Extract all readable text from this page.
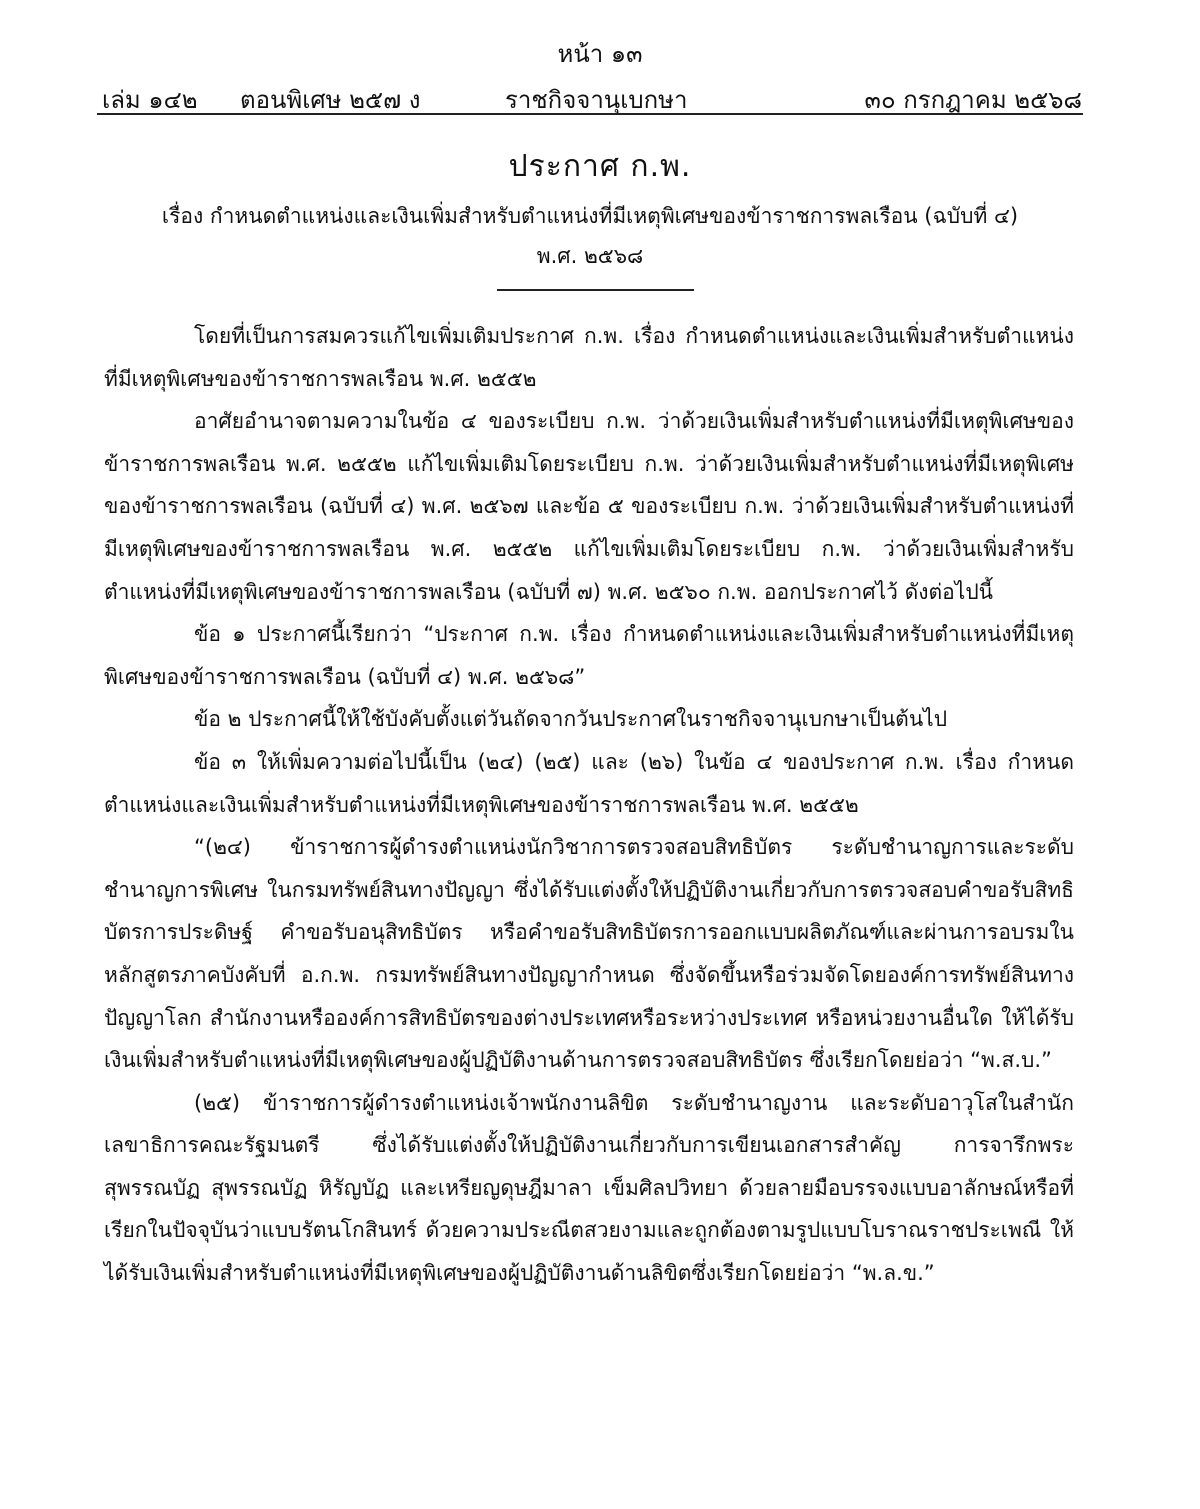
หน้า ๑๓
เล่ม ๑๔๒ ตอนพิเศษ ๒๕๗ ง	ราชกิจจานุเบกษา	๓๐ กรกฎาคม ๒๕๖๘
ประกาศ ก.พ.
เรื่อง กำหนดตำแหน่งและเงินเพิ่มสำหรับตำแหน่งที่มีเหตุพิเศษของข้าราชการพลเรือน (ฉบับที่ ๔)
พ.ศ. ๒๕๖๘

โดยที่เป็นการสมควรแก้ไขเพิ่มเติมประกาศ ก.พ. เรื่อง กำหนดตำแหน่งและเงินเพิ่มสำหรับตำแหน่งที่มีเหตุพิเศษของข้าราชการพลเรือน พ.ศ. ๒๕๕๒

อาศัยอำนาจตามความในข้อ ๔ ของระเบียบ ก.พ. ว่าด้วยเงินเพิ่มสำหรับตำแหน่งที่มีเหตุพิเศษของข้าราชการพลเรือน พ.ศ. ๒๕๕๒ แก้ไขเพิ่มเติมโดยระเบียบ ก.พ. ว่าด้วยเงินเพิ่มสำหรับตำแหน่งที่มีเหตุพิเศษของข้าราชการพลเรือน (ฉบับที่ ๔) พ.ศ. ๒๕๖๗ และข้อ ๕ ของระเบียบ ก.พ. ว่าด้วยเงินเพิ่มสำหรับตำแหน่งที่มีเหตุพิเศษของข้าราชการพลเรือน พ.ศ. ๒๕๕๒ แก้ไขเพิ่มเติมโดยระเบียบ ก.พ. ว่าด้วยเงินเพิ่มสำหรับตำแหน่งที่มีเหตุพิเศษของข้าราชการพลเรือน (ฉบับที่ ๗) พ.ศ. ๒๕๖๐ ก.พ. ออกประกาศไว้ ดังต่อไปนี้

ข้อ ๑ ประกาศนี้เรียกว่า “ประกาศ ก.พ. เรื่อง กำหนดตำแหน่งและเงินเพิ่มสำหรับตำแหน่งที่มีเหตุพิเศษของข้าราชการพลเรือน (ฉบับที่ ๔) พ.ศ. ๒๕๖๘”

ข้อ ๒ ประกาศนี้ให้ใช้บังคับตั้งแต่วันถัดจากวันประกาศในราชกิจจานุเบกษาเป็นต้นไป

ข้อ ๓ ให้เพิ่มความต่อไปนี้เป็น (๒๔) (๒๕) และ (๒๖) ในข้อ ๔ ของประกาศ ก.พ. เรื่อง กำหนดตำแหน่งและเงินเพิ่มสำหรับตำแหน่งที่มีเหตุพิเศษของข้าราชการพลเรือน พ.ศ. ๒๕๕๒

“(๒๔) ข้าราชการผู้ดำรงตำแหน่งนักวิชาการตรวจสอบสิทธิบัตร ระดับชำนาญการและระดับชำนาญการพิเศษ ในกรมทรัพย์สินทางปัญญา ซึ่งได้รับแต่งตั้งให้ปฏิบัติงานเกี่ยวกับการตรวจสอบคำขอรับสิทธิบัตรการประดิษฐ์ คำขอรับอนุสิทธิบัตร หรือคำขอรับสิทธิบัตรการออกแบบผลิตภัณฑ์และผ่านการอบรมในหลักสูตรภาคบังคับที่ อ.ก.พ. กรมทรัพย์สินทางปัญญากำหนด ซึ่งจัดขึ้นหรือร่วมจัดโดยองค์การทรัพย์สินทางปัญญาโลก สำนักงานหรือองค์การสิทธิบัตรของต่างประเทศหรือระหว่างประเทศ หรือหน่วยงานอื่นใด ให้ได้รับเงินเพิ่มสำหรับตำแหน่งที่มีเหตุพิเศษของผู้ปฏิบัติงานด้านการตรวจสอบสิทธิบัตร ซึ่งเรียกโดยย่อว่า “พ.ส.บ.”

(๒๕) ข้าราชการผู้ดำรงตำแหน่งเจ้าพนักงานลิขิต ระดับชำนาญงาน และระดับอาวุโสในสำนักเลขาธิการคณะรัฐมนตรี ซึ่งได้รับแต่งตั้งให้ปฏิบัติงานเกี่ยวกับการเขียนเอกสารสำคัญ การจารึกพระสุพรรณบัฏ สุพรรณบัฏ หิรัญบัฏ และเหรียญดุษฎีมาลา เข็มศิลปวิทยา ด้วยลายมือบรรจงแบบอาลักษณ์หรือที่เรียกในปัจจุบันว่าแบบรัตนโกสินทร์ ด้วยความประณีตสวยงามและถูกต้องตามรูปแบบโบราณราชประเพณี ให้ได้รับเงินเพิ่มสำหรับตำแหน่งที่มีเหตุพิเศษของผู้ปฏิบัติงานด้านลิขิตซึ่งเรียกโดยย่อว่า “พ.ล.ข.”
